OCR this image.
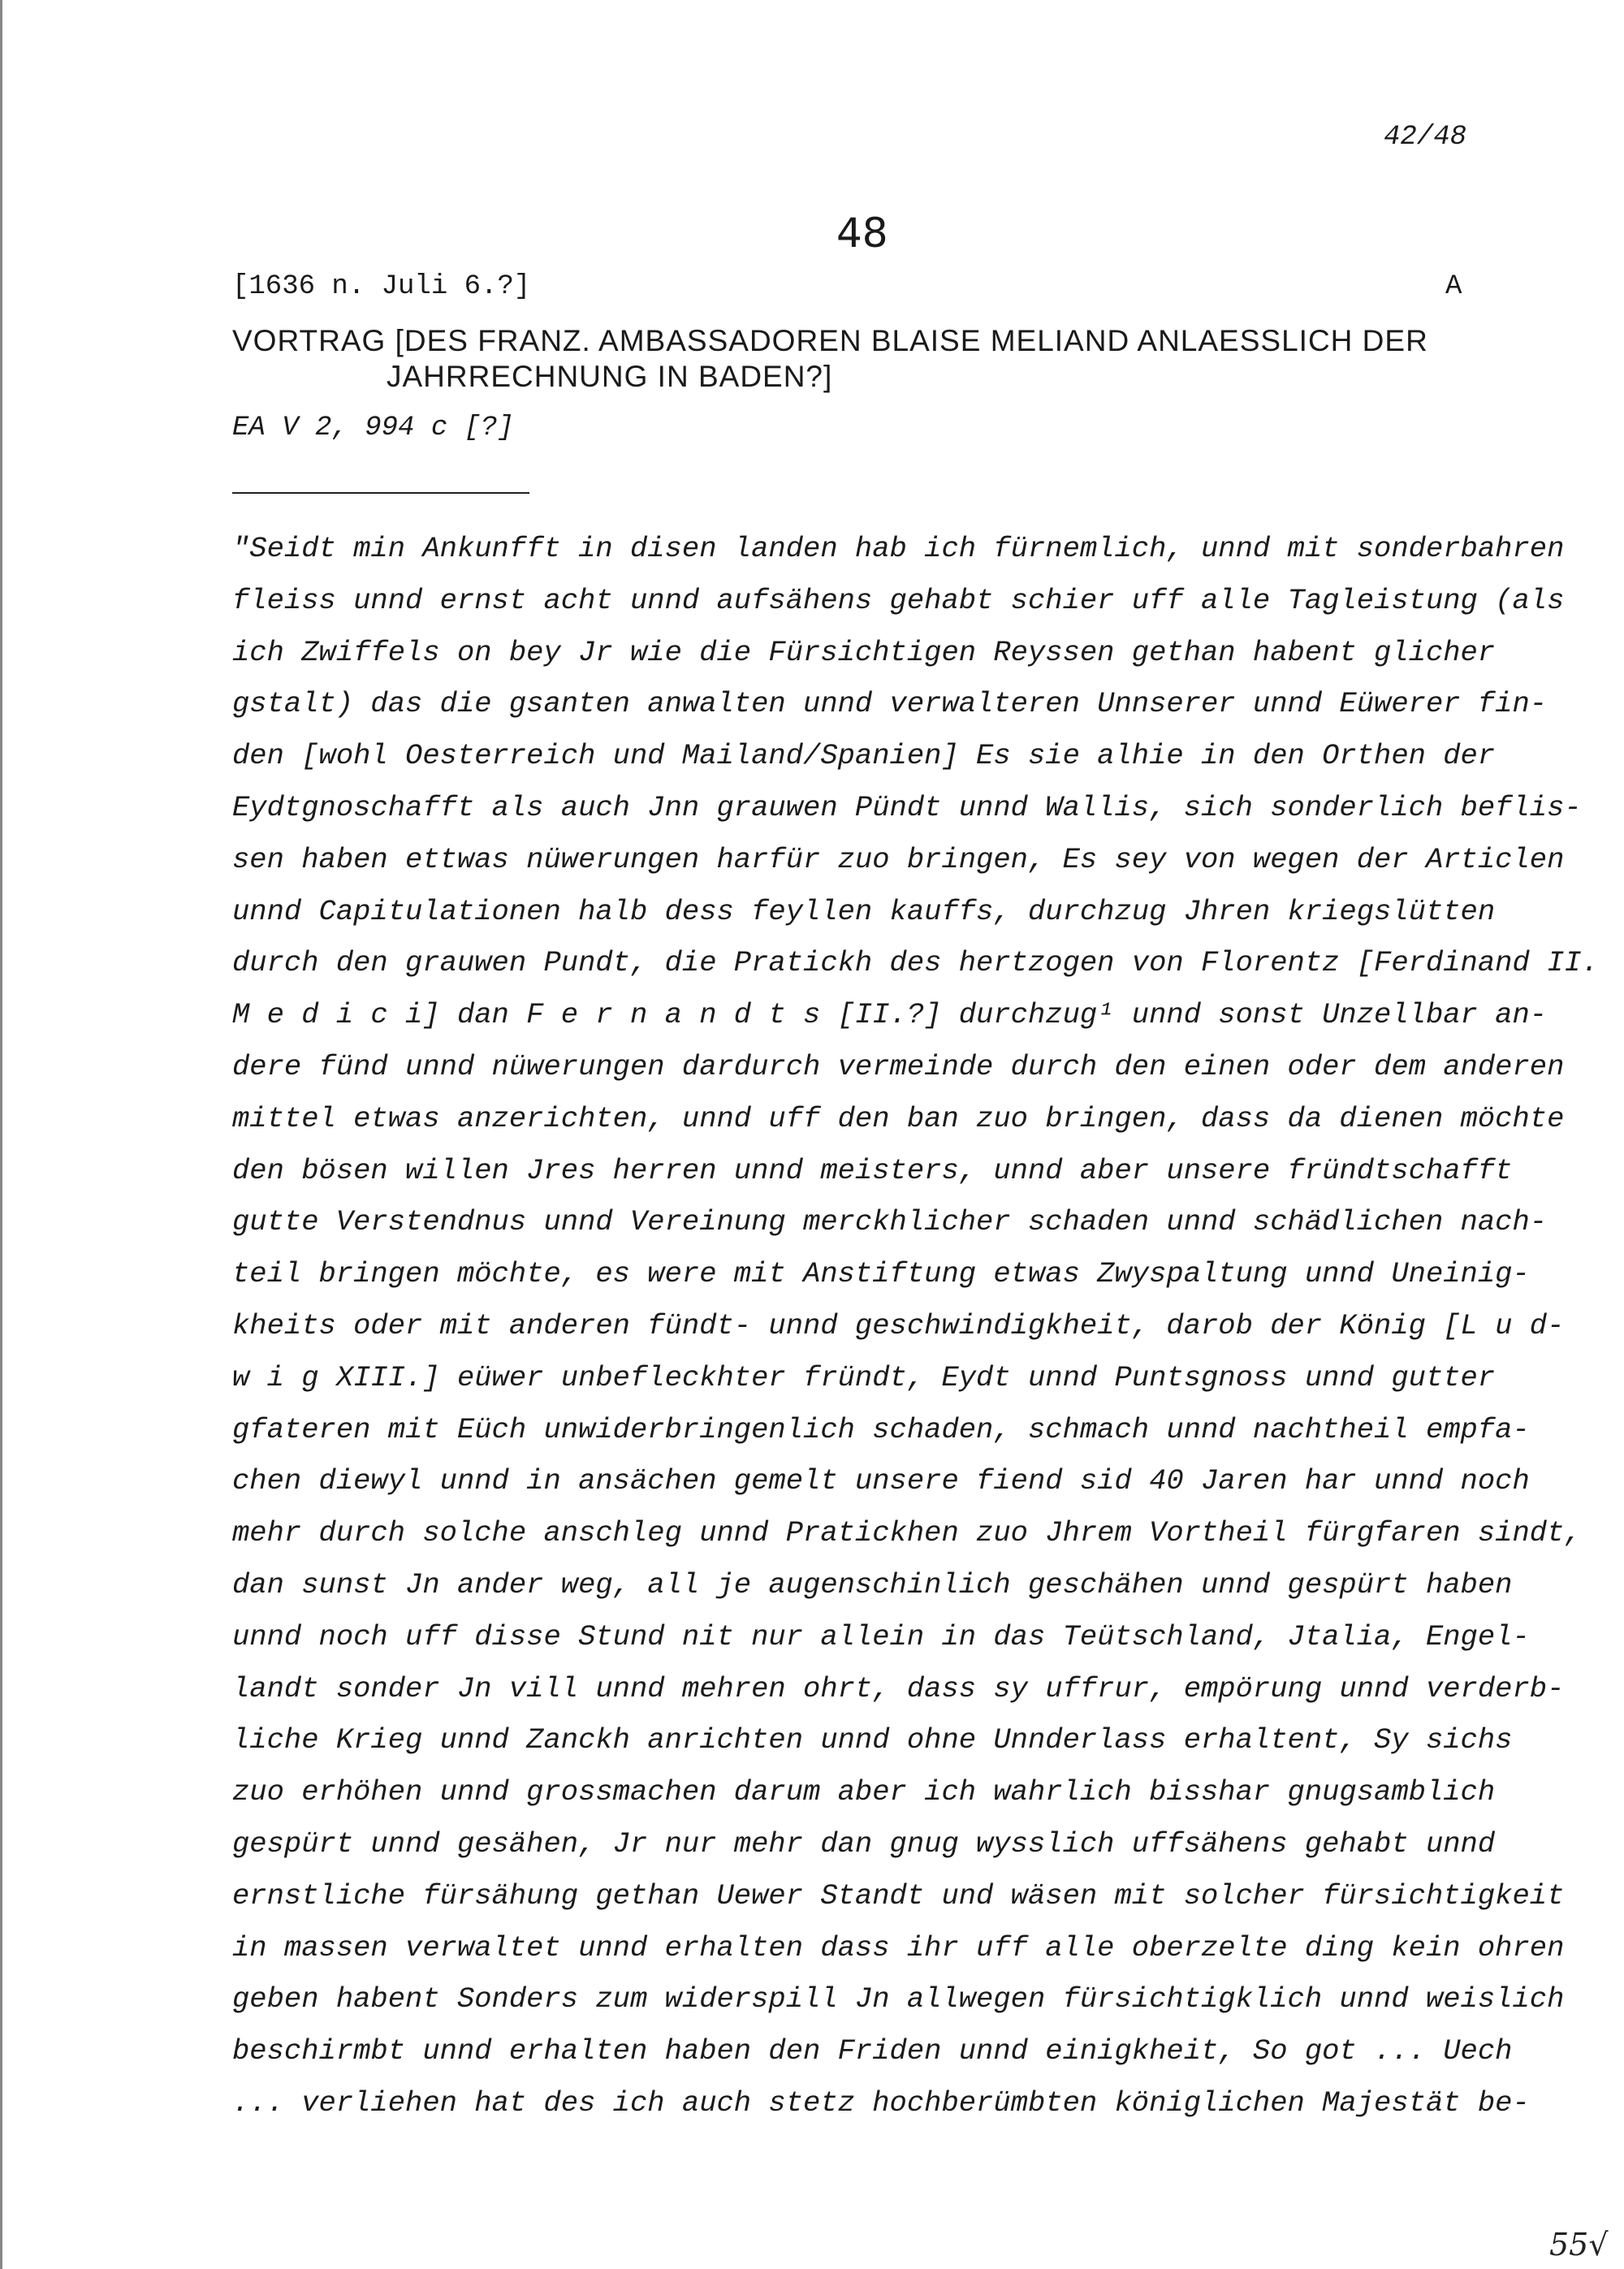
42/48
48
[1636 n. Juli 6.?]	A
VORTRAG [DES FRANZ. AMBASSADOREN BLAISE MELIAND ANLAESSLICH DER
JAHRRECHNUNG IN BADEN?]
EA V 2, 994 c [?]
"Seidt min Ankunfft in disen landen hab ich fürnemlich, unnd mit sonderbahren
fleiss unnd ernst acht unnd aufsähens gehabt schier uff alle Tagleistung (als
ich Zwiffels on bey Jr wie die Fürsichtigen Reyssen gethan habent glicher
gstalt) das die gsanten anwalten unnd verwalteren Unnserer unnd Eüwerer fin-
den [wohl Oesterreich und Mailand/Spanien] Es sie alhie in den Orthen der
Eydtgnoschafft als auch Jnn grauwen Pündt unnd Wallis, sich sonderlich beflis-
sen haben ettwas nüwerungen harfür zuo bringen, Es sey von wegen der Articlen
unnd Capitulationen halb dess feyllen kauffs, durchzug Jhren kriegslütten
durch den grauwen Pundt, die Pratickh des hertzogen von Florentz [Ferdinand II.
M e d i c i] dan F e r n a n d t s [II.?] durchzug¹ unnd sonst Unzellbar an-
dere fünd unnd nüwerungen dardurch vermeinde durch den einen oder dem anderen
mittel etwas anzerichten, unnd uff den ban zuo bringen, dass da dienen möchte
den bösen willen Jres herren unnd meisters, unnd aber unsere fründtschafft
gutte Verstendnus unnd Vereinung merckhlicher schaden unnd schädlichen nach-
teil bringen möchte, es were mit Anstiftung etwas Zwyspaltung unnd Uneinig-
kheits oder mit anderen fündt- unnd geschwindigkheit, darob der König [L u d-
w i g XIII.] eüwer unbefleckhter fründt, Eydt unnd Puntsgnoss unnd gutter
gfateren mit Eüch unwiderbringenlich schaden, schmach unnd nachtheil empfa-
chen diewyl unnd in ansächen gemelt unsere fiend sid 40 Jaren har unnd noch
mehr durch solche anschleg unnd Pratickhen zuo Jhrem Vortheil fürgfaren sindt,
dan sunst Jn ander weg, all je augenschinlich geschähen unnd gespürt haben
unnd noch uff disse Stund nit nur allein in das Teütschland, Jtalia, Engel-
landt sonder Jn vill unnd mehren ohrt, dass sy uffrur, empörung unnd verderb-
liche Krieg unnd Zanckh anrichten unnd ohne Unnderlass erhaltent, Sy sichs
zuo erhöhen unnd grossmachen darum aber ich wahrlich bisshar gnugsamblich
gespürt unnd gesähen, Jr nur mehr dan gnug wysslich uffsähens gehabt unnd
ernstliche fürsähung gethan Uewer Standt und wäsen mit solcher fürsichtigkeit
in massen verwaltet unnd erhalten dass ihr uff alle oberzelte ding kein ohren
geben habent Sonders zum widerspill Jn allwegen fürsichtigklich unnd weislich
beschirmbt unnd erhalten haben den Friden unnd einigkheit, So got ... Uech
... verliehen hat des ich auch stetz hochberümbten königlichen Majestät be-
55√
